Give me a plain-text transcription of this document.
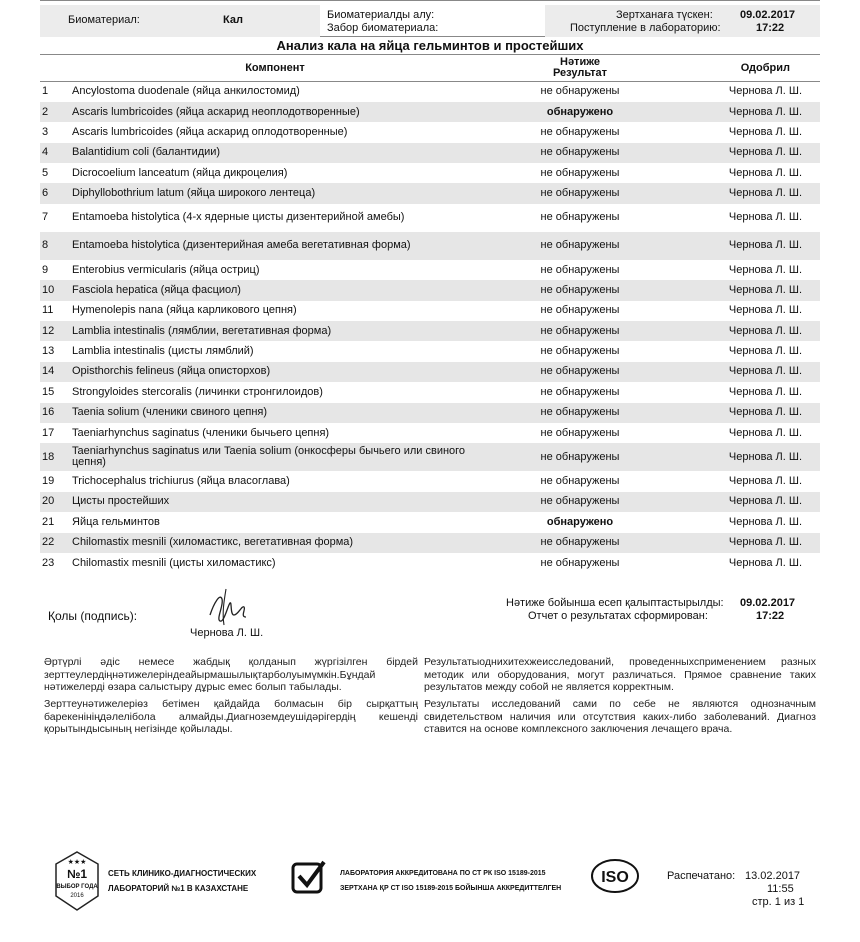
Биоматериал:	Кал	Биоматериалды алу:
Забор биоматериала:
Зертханаға түскен:
Поступление в лабораторию:
09.02.2017
17:22
Анализ кала на яйца гельминтов и простейших
Компонент		Нәтиже
Результат	Одобрил
1	Ancylostoma duodenale (яйца анкилостомид)	не обнаружены	Чернова Л. Ш.
2	Ascaris lumbricoides (яйца аскарид неоплодотворенные)	обнаружено	Чернова Л. Ш.
3	Ascaris lumbricoides (яйца аскарид оплодотворенные)	не обнаружены	Чернова Л. Ш.
4	Balantidium coli (балантидии)	не обнаружены	Чернова Л. Ш.
5	Dicrocoelium lanceatum (яйца дикроцелия)	не обнаружены	Чернова Л. Ш.
6	Diphyllobothrium latum (яйца широкого лентеца)	не обнаружены	Чернова Л. Ш.
7	Entamoeba histolytica (4-х ядерные цисты дизентерийной амебы)	не обнаружены	Чернова Л. Ш.
8	Entamoeba histolytica (дизентерийная амеба вегетативная форма)	не обнаружены	Чернова Л. Ш.
9	Enterobius vermicularis (яйца остриц)	не обнаружены	Чернова Л. Ш.
10	Fasciola hepatica (яйца фасциол)	не обнаружены	Чернова Л. Ш.
11	Hymenolepis nana (яйца карликового цепня)	не обнаружены	Чернова Л. Ш.
12	Lamblia intestinalis (лямблии, вегетативная форма)	не обнаружены	Чернова Л. Ш.
13	Lamblia intestinalis (цисты лямблий)	не обнаружены	Чернова Л. Ш.
14	Opisthorchis felineus (яйца описторхов)	не обнаружены	Чернова Л. Ш.
15	Strongyloides stercoralis (личинки стронгилоидов)	не обнаружены	Чернова Л. Ш.
16	Taenia solium (членики свиного цепня)	не обнаружены	Чернова Л. Ш.
17	Taeniarhynchus saginatus (членики бычьего цепня)	не обнаружены	Чернова Л. Ш.
18	Taeniarhynchus saginatus или Taenia solium (онкосферы бычьего или свиного цепня)	не обнаружены	Чернова Л. Ш.
19	Trichocephalus trichiurus (яйца власоглава)	не обнаружены	Чернова Л. Ш.
20	Цисты простейших	не обнаружены	Чернова Л. Ш.
21	Яйца гельминтов	обнаружено	Чернова Л. Ш.
22	Chilomastix mesnili (хиломастикс, вегетативная форма)	не обнаружены	Чернова Л. Ш.
23	Chilomastix mesnili (цисты хиломастикс)	не обнаружены	Чернова Л. Ш.
Қолы (подпись):
Чернова Л. Ш.
Нәтиже бойынша есеп қалыптастырылды:
Отчет о результатах сформирован:
09.02.2017
17:22

Әртүрлі әдіс немесе жабдық қолданып жүргізілген бірдей зерттеулердіңнәтижелеріндеайырмашылықтарболуымүмкін.Бұндай нәтижелерді өзара салыстыру дұрыс емес болып табылады.

Зерттеунәтижелеріөз бетімен қайдайда болмасын бір сырқаттың барекенініңдәлелібола алмайды.Диагноземдеушідәрігердің кешенді қорытындысының негізінде қойылады.

Результатыоднихитехжеисследований, проведенныхсприменением разных методик или оборудования, могут различаться. Прямое сравнение таких результатов между собой не является корректным.

Результаты исследований сами по себе не являются однозначным свидетельством наличия или отсутствия каких-либо заболеваний. Диагноз ставится на основе комплексного заключения лечащего врача.

№1
ВЫБОР ГОДА
2016
★★★
СЕТЬ КЛИНИКО-ДИАГНОСТИЧЕСКИХ
ЛАБОРАТОРИЙ №1 В КАЗАХСТАНЕ
ЛАБОРАТОРИЯ АККРЕДИТОВАНА ПО СТ РК ISO 15189-2015
ЗЕРТХАНА ҚР СТ ISO 15189-2015 БОЙЫНША АККРЕДИТТЕЛГЕН
ISO	Распечатано: 13.02.2017
11:55
стр. 1 из 1
